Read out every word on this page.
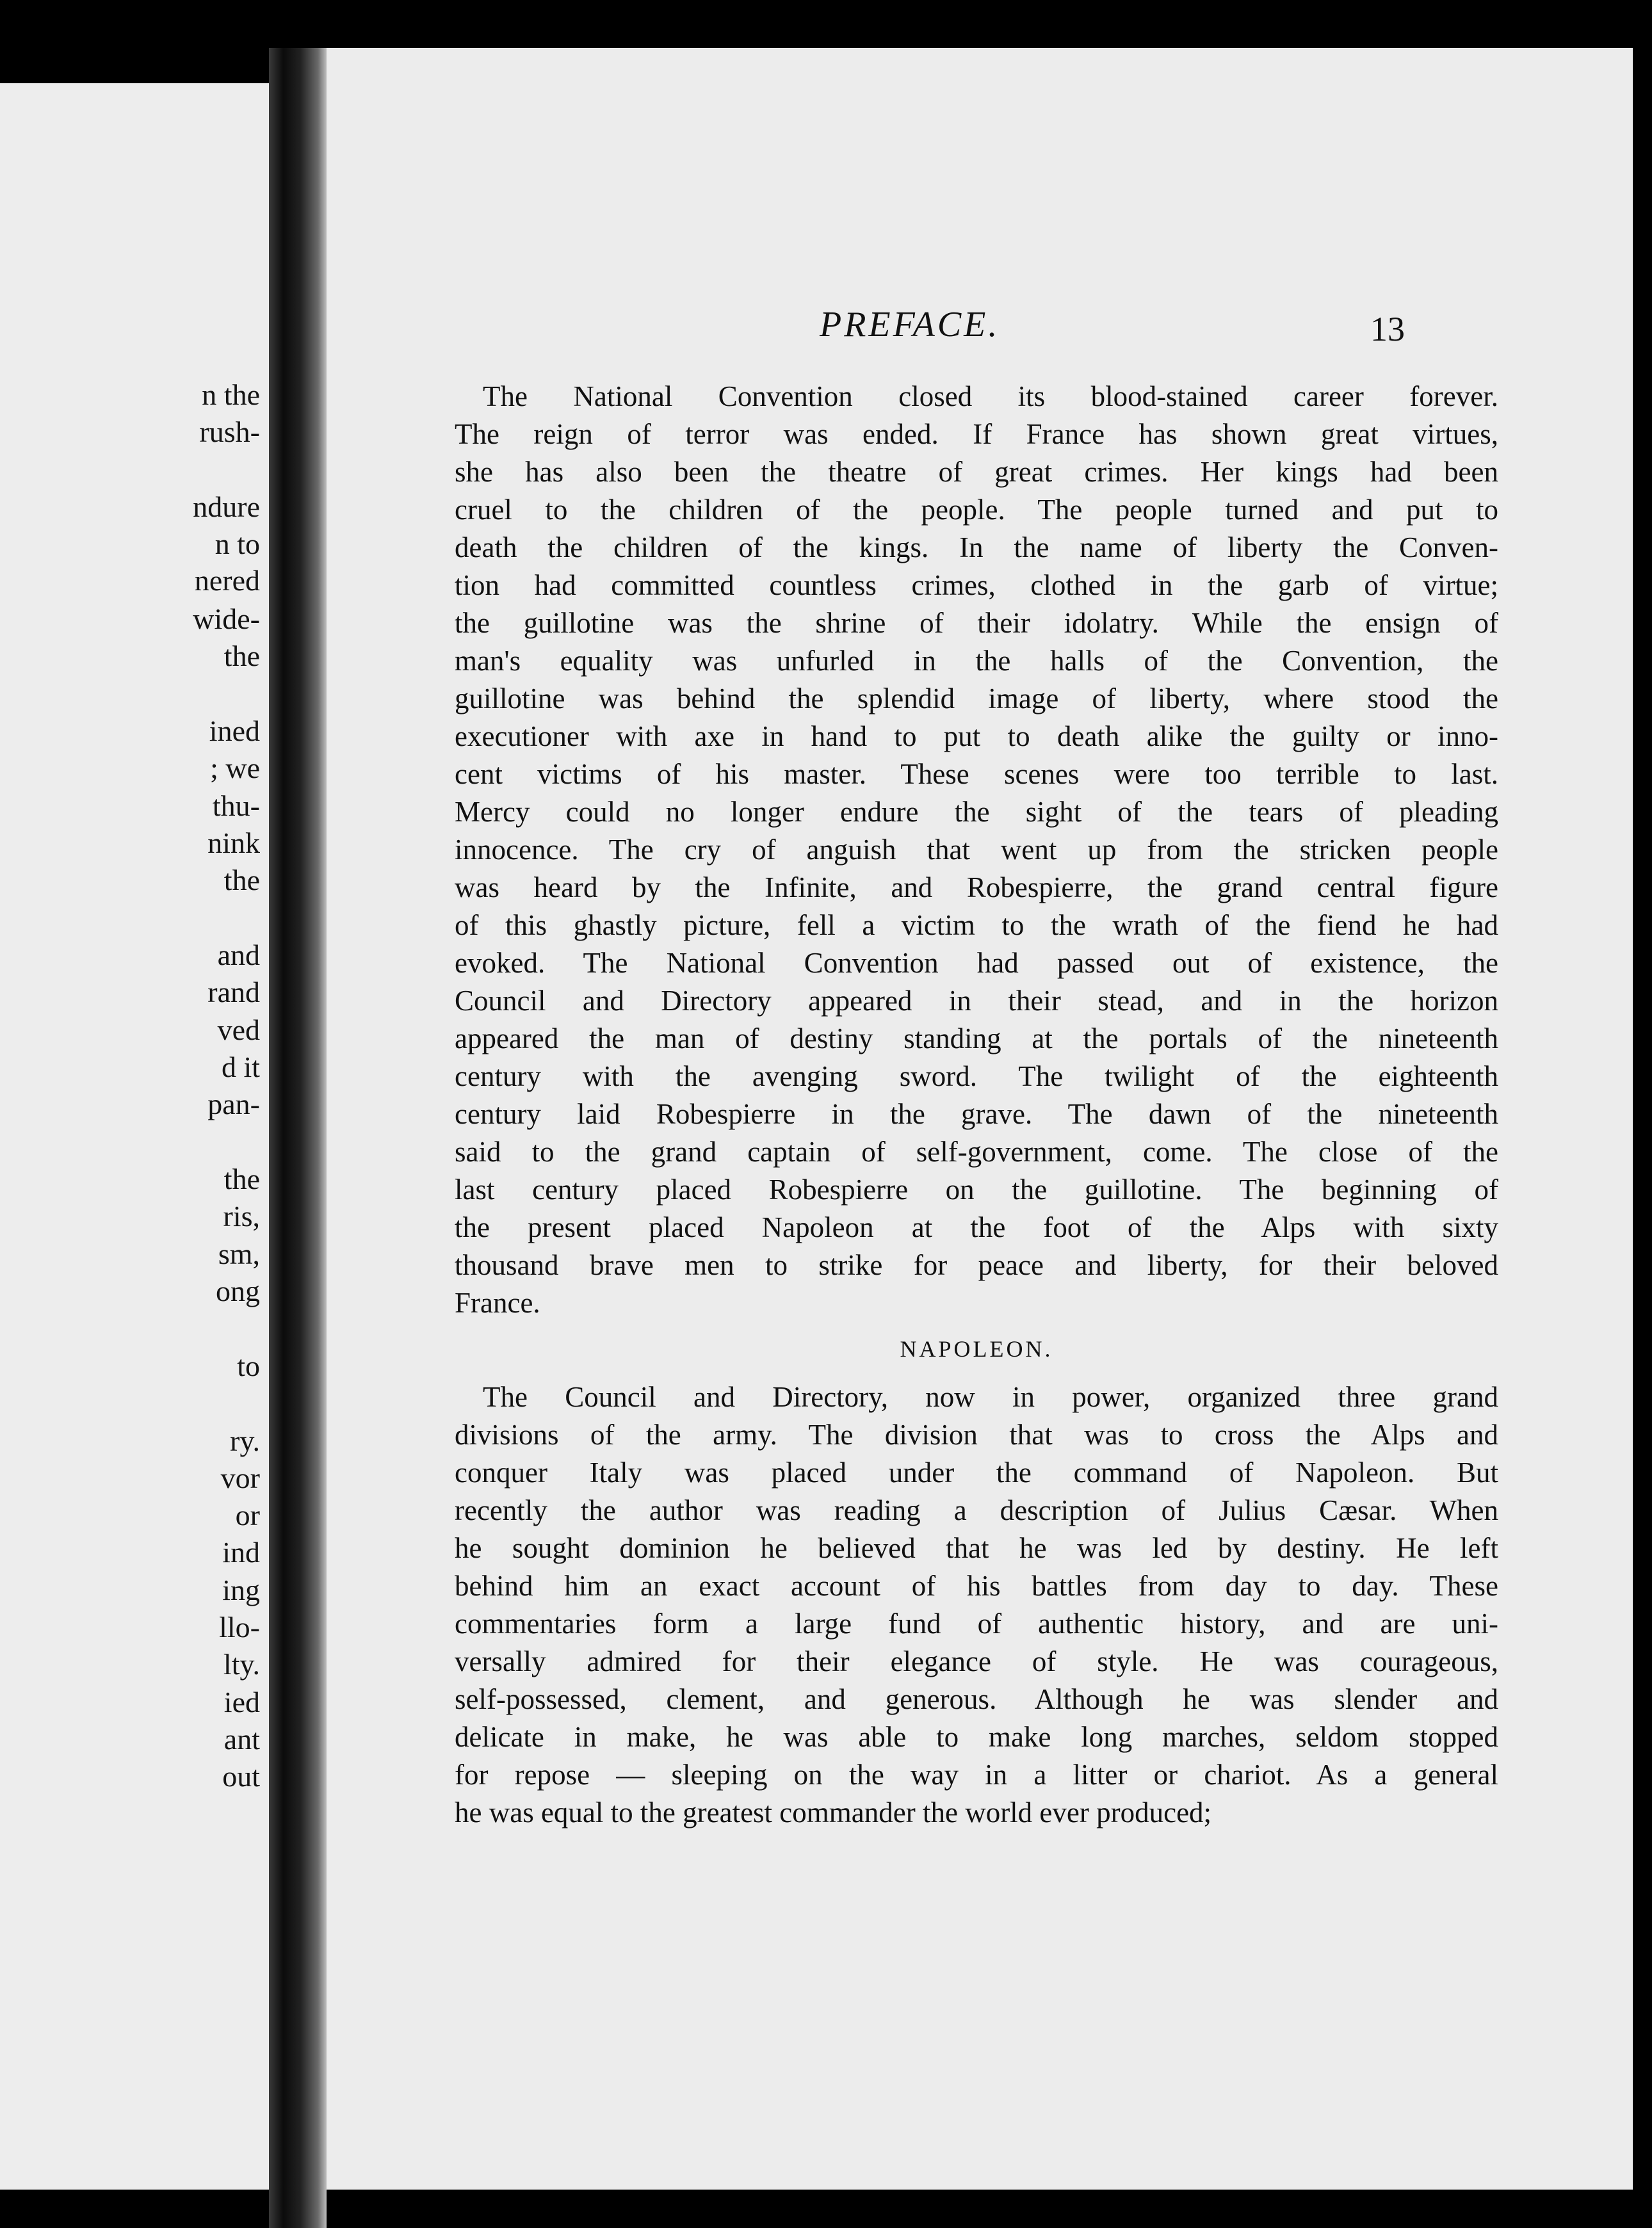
n the
rush-
ndure
n to
nered
wide-
the
ined
; we
thu-
nink
the
and
rand
ved
d it
pan-
the
ris,
sm,
ong
to
ry.
vor
or
ind
ing
llo-
lty.
ied
ant
out
PREFACE.	13
The National Convention closed its blood-stained career forever.
The reign of terror was ended. If France has shown great virtues,
she has also been the theatre of great crimes. Her kings had been
cruel to the children of the people. The people turned and put to
death the children of the kings. In the name of liberty the Conven-
tion had committed countless crimes, clothed in the garb of virtue;
the guillotine was the shrine of their idolatry. While the ensign of
man's equality was unfurled in the halls of the Convention, the
guillotine was behind the splendid image of liberty, where stood the
executioner with axe in hand to put to death alike the guilty or inno-
cent victims of his master. These scenes were too terrible to last.
Mercy could no longer endure the sight of the tears of pleading
innocence. The cry of anguish that went up from the stricken people
was heard by the Infinite, and Robespierre, the grand central figure
of this ghastly picture, fell a victim to the wrath of the fiend he had
evoked. The National Convention had passed out of existence, the
Council and Directory appeared in their stead, and in the horizon
appeared the man of destiny standing at the portals of the nineteenth
century with the avenging sword. The twilight of the eighteenth
century laid Robespierre in the grave. The dawn of the nineteenth
said to the grand captain of self-government, come. The close of the
last century placed Robespierre on the guillotine. The beginning of
the present placed Napoleon at the foot of the Alps with sixty
thousand brave men to strike for peace and liberty, for their beloved
France.
NAPOLEON.
The Council and Directory, now in power, organized three grand
divisions of the army. The division that was to cross the Alps and
conquer Italy was placed under the command of Napoleon. But
recently the author was reading a description of Julius Cæsar. When
he sought dominion he believed that he was led by destiny. He left
behind him an exact account of his battles from day to day. These
commentaries form a large fund of authentic history, and are uni-
versally admired for their elegance of style. He was courageous,
self-possessed, clement, and generous. Although he was slender and
delicate in make, he was able to make long marches, seldom stopped
for repose — sleeping on the way in a litter or chariot. As a general
he was equal to the greatest commander the world ever produced;
